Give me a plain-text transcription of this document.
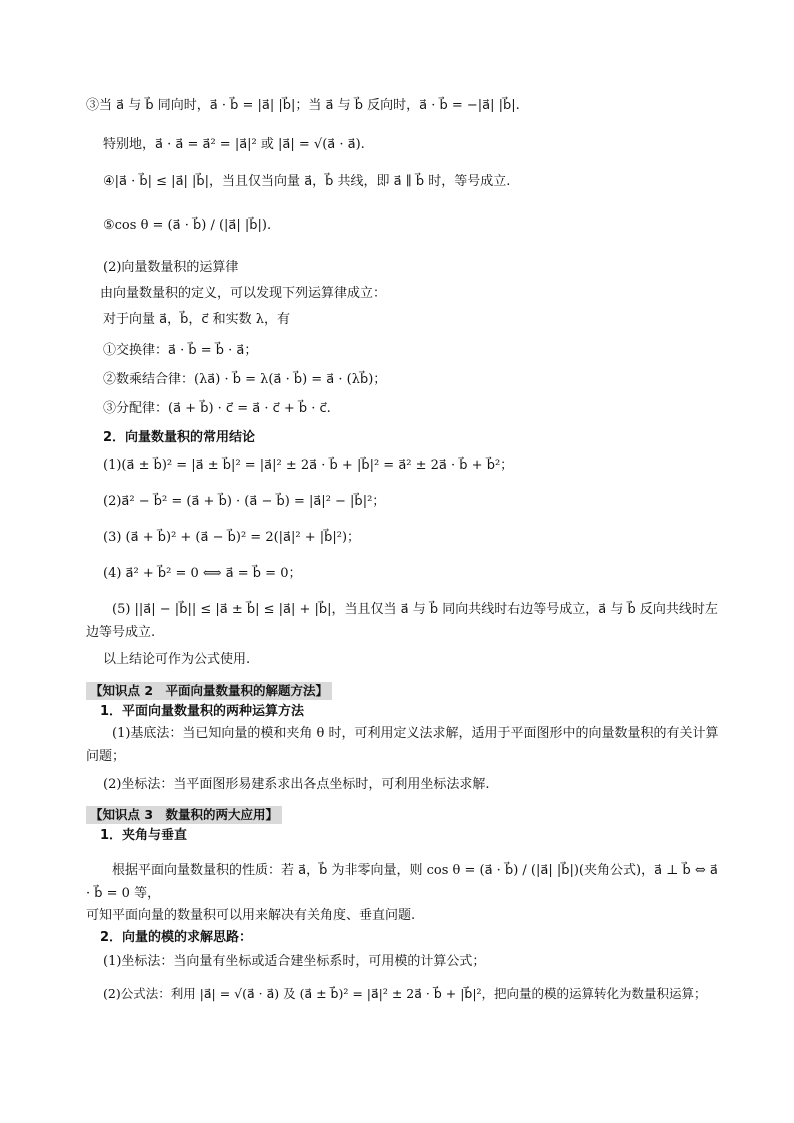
③当 a⃗ 与 b⃗ 同向时，a⃗ · b⃗ = |a⃗| |b⃗|；当 a⃗ 与 b⃗ 反向时，a⃗ · b⃗ = −|a⃗| |b⃗|.
特别地，a⃗ · a⃗ = a⃗² = |a⃗|² 或 |a⃗| = √(a⃗ · a⃗).
④|a⃗ · b⃗| ≤ |a⃗| |b⃗|，当且仅当向量 a⃗，b⃗ 共线，即 a⃗ ∥ b⃗ 时，等号成立.
⑤cos θ = (a⃗ · b⃗) / (|a⃗| |b⃗|).
(2)向量数量积的运算律
由向量数量积的定义，可以发现下列运算律成立：
对于向量 a⃗，b⃗，c⃗ 和实数 λ，有
①交换律：a⃗ · b⃗ = b⃗ · a⃗；
②数乘结合律：(λa⃗) · b⃗ = λ(a⃗ · b⃗) = a⃗ · (λb⃗)；
③分配律：(a⃗ + b⃗) · c⃗ = a⃗ · c⃗ + b⃗ · c⃗.
2．向量数量积的常用结论
(1)(a⃗ ± b⃗)² = |a⃗ ± b⃗|² = |a⃗|² ± 2a⃗ · b⃗ + |b⃗|² = a⃗² ± 2a⃗ · b⃗ + b⃗²；
(2)a⃗² − b⃗² = (a⃗ + b⃗) · (a⃗ − b⃗) = |a⃗|² − |b⃗|²；
(3) (a⃗ + b⃗)² + (a⃗ − b⃗)² = 2(|a⃗|² + |b⃗|²)；
(4) a⃗² + b⃗² = 0 ⟺ a⃗ = b⃗ = 0；
(5) ||a⃗| − |b⃗|| ≤ |a⃗ ± b⃗| ≤ |a⃗| + |b⃗|，当且仅当 a⃗ 与 b⃗ 同向共线时右边等号成立，a⃗ 与 b⃗ 反向共线时左边等号成立.
以上结论可作为公式使用.
【知识点 2　平面向量数量积的解题方法】
1．平面向量数量积的两种运算方法
(1)基底法：当已知向量的模和夹角 θ 时，可利用定义法求解，适用于平面图形中的向量数量积的有关计算问题；
(2)坐标法：当平面图形易建系求出各点坐标时，可利用坐标法求解.
【知识点 3　数量积的两大应用】
1．夹角与垂直
根据平面向量数量积的性质：若 a⃗，b⃗ 为非零向量，则 cos θ = (a⃗ · b⃗) / (|a⃗| |b⃗|)(夹角公式)，a⃗ ⊥ b⃗ ⇔ a⃗ · b⃗ = 0 等，
可知平面向量的数量积可以用来解决有关角度、垂直问题.
2．向量的模的求解思路：
(1)坐标法：当向量有坐标或适合建坐标系时，可用模的计算公式；
(2)公式法：利用 |a⃗| = √(a⃗ · a⃗) 及 (a⃗ ± b⃗)² = |a⃗|² ± 2a⃗ · b⃗ + |b⃗|²，把向量的模的运算转化为数量积运算；
